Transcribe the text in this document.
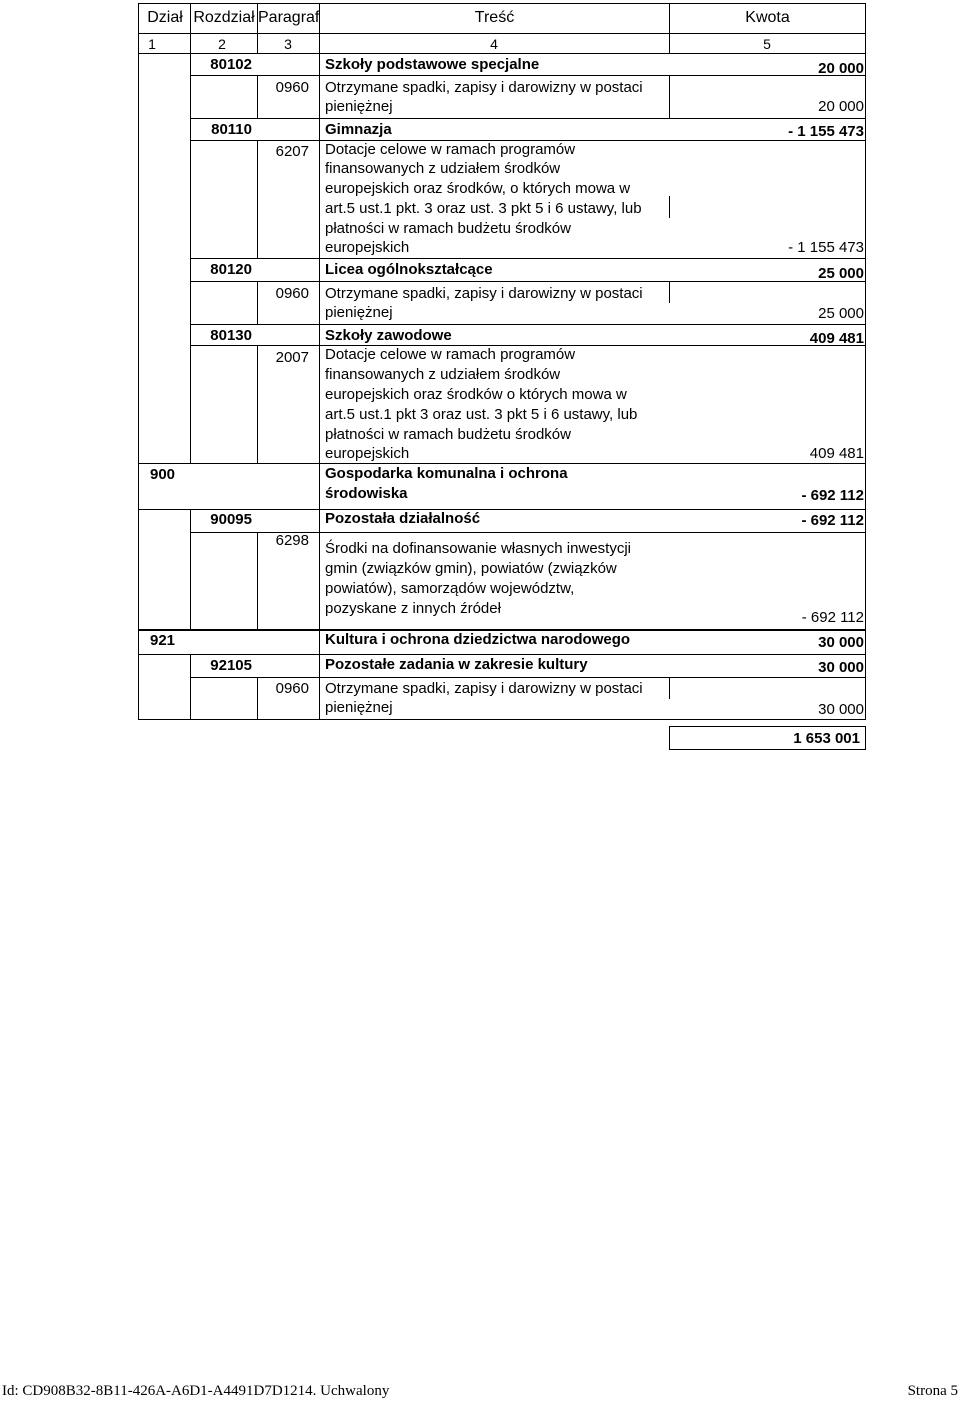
Dział Rozdział Paragraf	Treść	Kwota
1	2	3	4	5
80102	Szkoły podstawowe specjalne	20 000
0960 Otrzymane spadki, zapisy i darowizny w postaci
pieniężnej	20 000
80110	Gimnazja	- 1 155 473
6207 Dotacje celowe w ramach programów
finansowanych z udziałem środków
europejskich oraz środków, o których mowa w
art.5 ust.1 pkt. 3 oraz ust. 3 pkt 5 i 6 ustawy, lub
płatności w ramach budżetu środków
europejskich	- 1 155 473
80120	Licea ogólnokształcące	25 000
0960 Otrzymane spadki, zapisy i darowizny w postaci
pieniężnej	25 000
80130	Szkoły zawodowe	409 481
2007 Dotacje celowe w ramach programów
finansowanych z udziałem środków
europejskich oraz środków o których mowa w
art.5 ust.1 pkt 3 oraz ust. 3 pkt 5 i 6 ustawy, lub
płatności w ramach budżetu środków
europejskich	409 481
900	Gospodarka komunalna i ochrona
środowiska	- 692 112
90095	Pozostała działalność	- 692 112
6298 Środki na dofinansowanie własnych inwestycji
gmin (związków gmin), powiatów (związków
powiatów), samorządów województw,
pozyskane z innych źródeł
- 692 112
921	Kultura i ochrona dziedzictwa narodowego	30 000
92105	Pozostałe zadania w zakresie kultury	30 000
0960 Otrzymane spadki, zapisy i darowizny w postaci
pieniężnej	30 000
1 653 001
Id: CD908B32-8B11-426A-A6D1-A4491D7D1214. Uchwalony	Strona 5
